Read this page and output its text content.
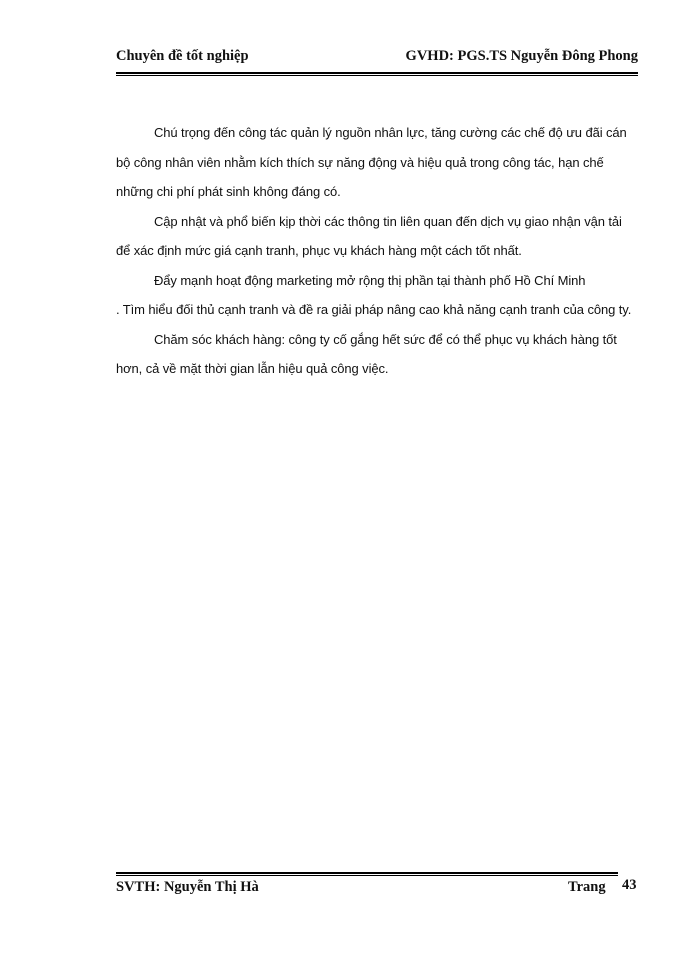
Chuyên đề tốt nghiệp	GVHD: PGS.TS Nguyễn Đông Phong

Chú trọng đến công tác quản lý nguồn nhân lực, tăng cường các chế độ ưu đãi cán bộ công nhân viên nhằm kích thích sự năng động và hiệu quả trong công tác, hạn chế những chi phí phát sinh không đáng có.

Cập nhật và phổ biến kịp thời các thông tin liên quan đến dịch vụ giao nhận vận tải để xác định mức giá cạnh tranh, phục vụ khách hàng một cách tốt nhất.

Đẩy mạnh hoạt động marketing mở rộng thị phần tại thành phố Hồ Chí Minh

. Tìm hiểu đối thủ cạnh tranh và đề ra giải pháp nâng cao khả năng cạnh tranh của công ty.

Chăm sóc khách hàng: công ty cố gắng hết sức để có thể phục vụ khách hàng tốt hơn, cả về mặt thời gian lẫn hiệu quả công việc.

SVTH: Nguyễn Thị Hà	Trang 43
